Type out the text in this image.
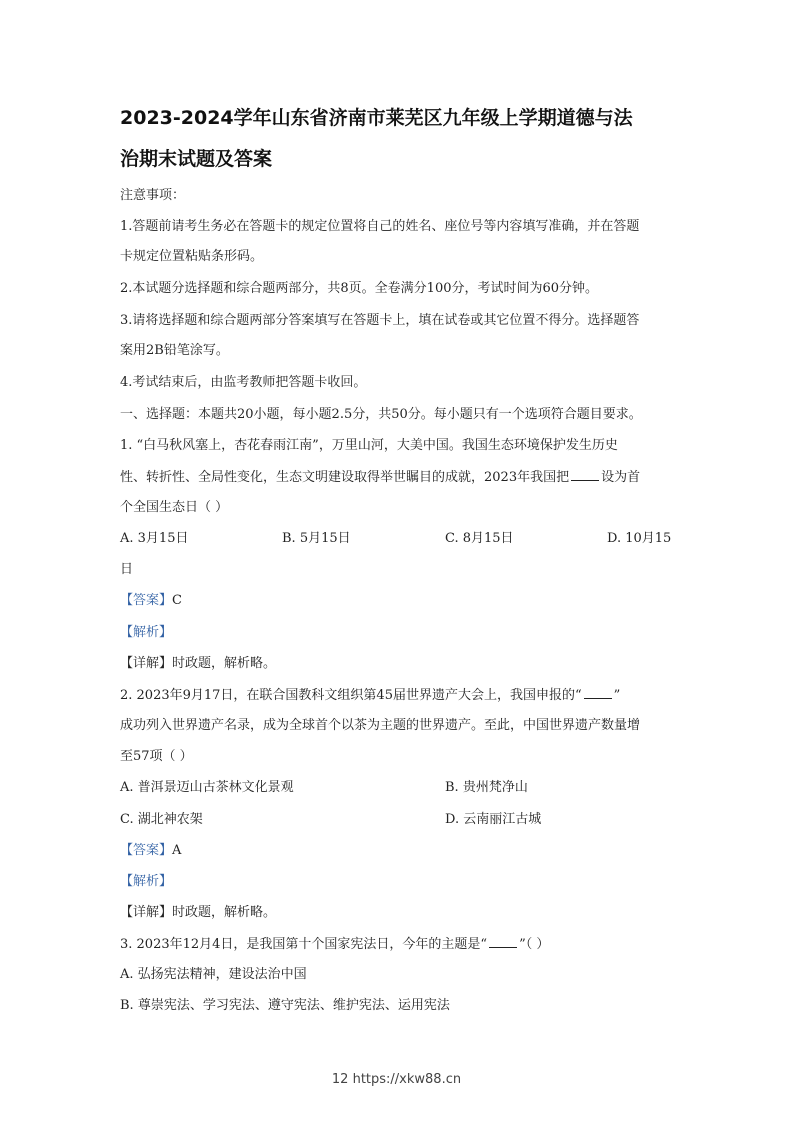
2023-2024学年山东省济南市莱芜区九年级上学期道德与法
治期末试题及答案
注意事项：
1.答题前请考生务必在答题卡的规定位置将自己的姓名、座位号等内容填写准确，并在答题
卡规定位置粘贴条形码。
2.本试题分选择题和综合题两部分，共8页。全卷满分100分，考试时间为60分钟。
3.请将选择题和综合题两部分答案填写在答题卡上，填在试卷或其它位置不得分。选择题答
案用2B铅笔涂写。
4.考试结束后，由监考教师把答题卡收回。
一、选择题：本题共20小题，每小题2.5分，共50分。每小题只有一个选项符合题目要求。
1. “白马秋风塞上，杏花春雨江南”，万里山河，大美中国。我国生态环境保护发生历史
性、转折性、全局性变化，生态文明建设取得举世瞩目的成就，2023年我国把 设为首
个全国生态日（ ）
A. 3月15日	B. 5月15日	C. 8月15日	D. 10月15
日
【答案】C
【解析】
【详解】时政题，解析略。
2. 2023年9月17日，在联合国教科文组织第45届世界遗产大会上，我国申报的“ ”
成功列入世界遗产名录，成为全球首个以茶为主题的世界遗产。至此，中国世界遗产数量增
至57项（ ）
A. 普洱景迈山古茶林文化景观	B. 贵州梵净山
C. 湖北神农架	D. 云南丽江古城
【答案】A
【解析】
【详解】时政题，解析略。
3. 2023年12月4日，是我国第十个国家宪法日，今年的主题是“ ”（ ）
A. 弘扬宪法精神，建设法治中国
B. 尊崇宪法、学习宪法、遵守宪法、维护宪法、运用宪法
12 https://xkw88.cn
